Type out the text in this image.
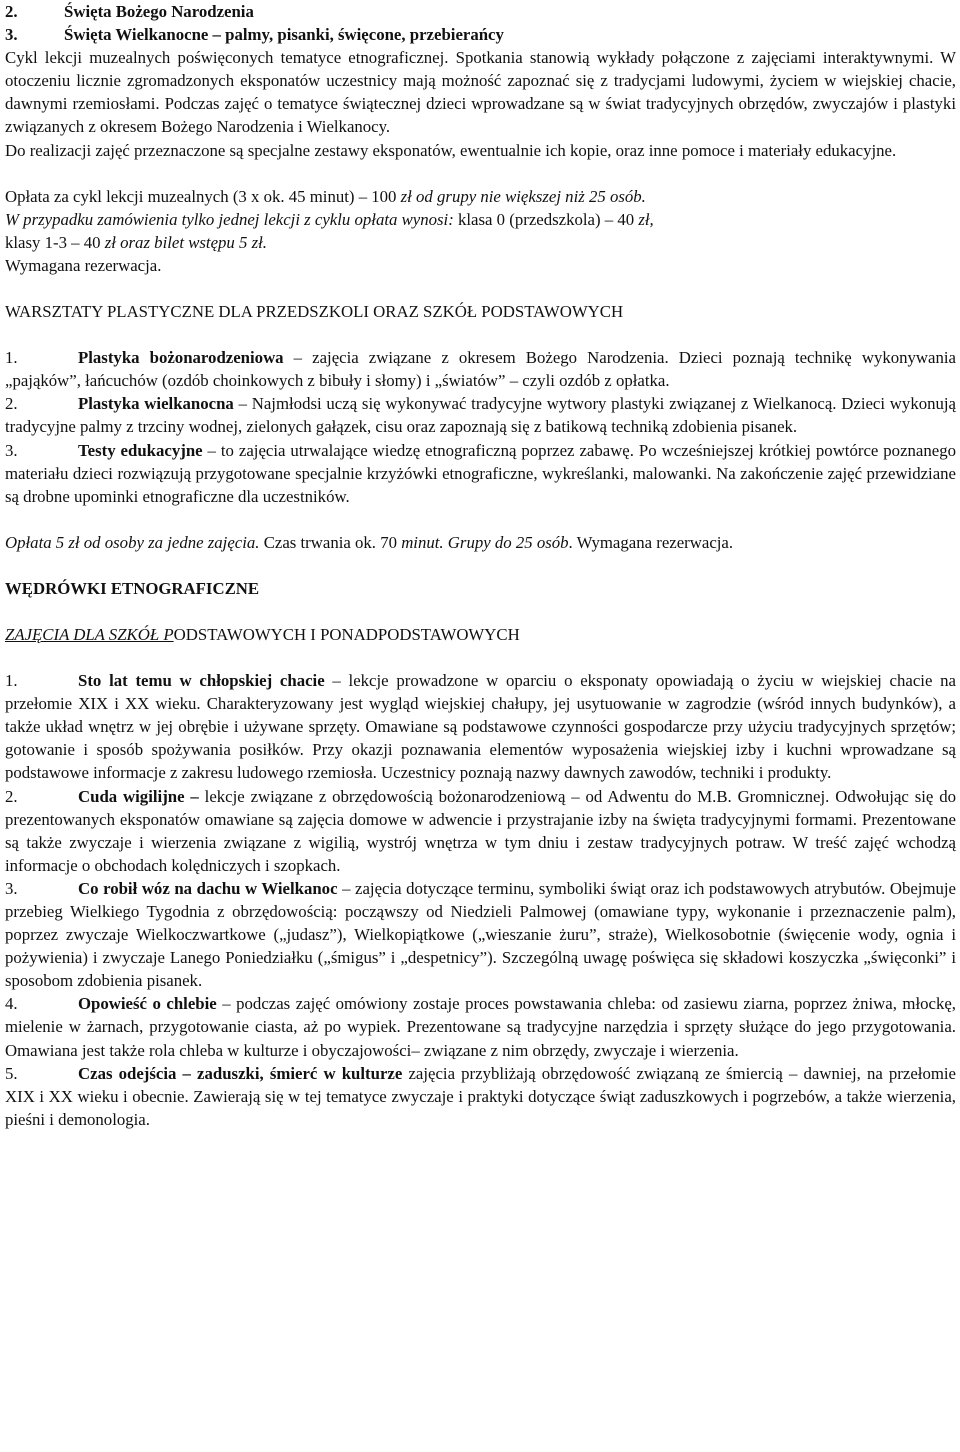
2.	Święta Bożego Narodzenia

3.	Święta Wielkanocne – palmy, pisanki, święcone, przebierańcy

Cykl lekcji muzealnych poświęconych tematyce etnograficznej. Spotkania stanowią wykłady połączone z zajęciami interaktywnymi. W otoczeniu licznie zgromadzonych eksponatów uczestnicy mają możność zapoznać się z tradycjami ludowymi, życiem w wiejskiej chacie, dawnymi rzemiosłami. Podczas zajęć o tematyce świątecznej dzieci wprowadzane są w świat tradycyjnych obrzędów, zwyczajów i plastyki związanych z okresem Bożego Narodzenia i Wielkanocy.

Do realizacji zajęć przeznaczone są specjalne zestawy eksponatów, ewentualnie ich kopie, oraz inne pomoce i materiały edukacyjne.

Opłata za cykl lekcji muzealnych (3 x ok. 45 minut) – 100 zł od grupy nie większej niż 25 osób.
W przypadku zamówienia tylko jednej lekcji z cyklu opłata wynosi: klasa 0 (przedszkola) – 40 zł,
klasy 1-3 – 40 zł oraz bilet wstępu 5 zł.

Wymagana rezerwacja.

WARSZTATY PLASTYCZNE DLA PRZEDSZKOLI ORAZ SZKÓŁ PODSTAWOWYCH

1.	Plastyka bożonarodzeniowa – zajęcia związane z okresem Bożego Narodzenia. Dzieci poznają technikę wykonywania „pająków”, łańcuchów (ozdób choinkowych z bibuły i słomy) i „światów” – czyli ozdób z opłatka.

2.	Plastyka wielkanocna – Najmłodsi uczą się wykonywać tradycyjne wytwory plastyki związanej z Wielkanocą. Dzieci wykonują tradycyjne palmy z trzciny wodnej, zielonych gałązek, cisu oraz zapoznają się z batikową techniką zdobienia pisanek.

3.	Testy edukacyjne – to zajęcia utrwalające wiedzę etnograficzną poprzez zabawę. Po wcześniejszej krótkiej powtórce poznanego materiału dzieci rozwiązują przygotowane specjalnie krzyżówki etnograficzne, wykreślanki, malowanki. Na zakończenie zajęć przewidziane są drobne upominki etnograficzne dla uczestników.

Opłata 5 zł od osoby za jedne zajęcia. Czas trwania ok. 70 minut. Grupy do 25 osób. Wymagana rezerwacja.

WĘDRÓWKI ETNOGRAFICZNE

ZAJĘCIA DLA SZKÓŁ PODSTAWOWYCH I PONADPODSTAWOWYCH

1.	Sto lat temu w chłopskiej chacie – lekcje prowadzone w oparciu o eksponaty opowiadają o życiu w wiejskiej chacie na przełomie XIX i XX wieku. Charakteryzowany jest wygląd wiejskiej chałupy, jej usytuowanie w zagrodzie (wśród innych budynków), a także układ wnętrz w jej obrębie i używane sprzęty. Omawiane są podstawowe czynności gospodarcze przy użyciu tradycyjnych sprzętów; gotowanie i sposób spożywania posiłków. Przy okazji poznawania elementów wyposażenia wiejskiej izby i kuchni wprowadzane są podstawowe informacje z zakresu ludowego rzemiosła. Uczestnicy poznają nazwy dawnych zawodów, techniki i produkty.

2.	Cuda wigilijne – lekcje związane z obrzędowością bożonarodzeniową – od Adwentu do M.B. Gromnicznej. Odwołując się do prezentowanych eksponatów omawiane są zajęcia domowe w adwencie i przystrajanie izby na święta tradycyjnymi formami. Prezentowane są także zwyczaje i wierzenia związane z wigilią, wystrój wnętrza w tym dniu i zestaw tradycyjnych potraw. W treść zajęć wchodzą informacje o obchodach kolędniczych i szopkach.

3.	Co robił wóz na dachu w Wielkanoc – zajęcia dotyczące terminu, symboliki świąt oraz ich podstawowych atrybutów. Obejmuje przebieg Wielkiego Tygodnia z obrzędowością: począwszy od Niedzieli Palmowej (omawiane typy, wykonanie i przeznaczenie palm), poprzez zwyczaje Wielkoczwartkowe („judasz”), Wielkopiątkowe („wieszanie żuru”, straże), Wielkosobotnie (święcenie wody, ognia i pożywienia) i zwyczaje Lanego Poniedziałku („śmigus” i „despetnicy”). Szczególną uwagę poświęca się składowi koszyczka „święconki” i sposobom zdobienia pisanek.

4.	Opowieść o chlebie – podczas zajęć omówiony zostaje proces powstawania chleba: od zasiewu ziarna, poprzez żniwa, młockę, mielenie w żarnach, przygotowanie ciasta, aż po wypiek. Prezentowane są tradycyjne narzędzia i sprzęty służące do jego przygotowania. Omawiana jest także rola chleba w kulturze i obyczajowości– związane z nim obrzędy, zwyczaje i wierzenia.

5.	Czas odejścia – zaduszki, śmierć w kulturze zajęcia przybliżają obrzędowość związaną ze śmiercią – dawniej, na przełomie XIX i XX wieku i obecnie. Zawierają się w tej tematyce zwyczaje i praktyki dotyczące świąt zaduszkowych i pogrzebów, a także wierzenia, pieśni i demonologia.
